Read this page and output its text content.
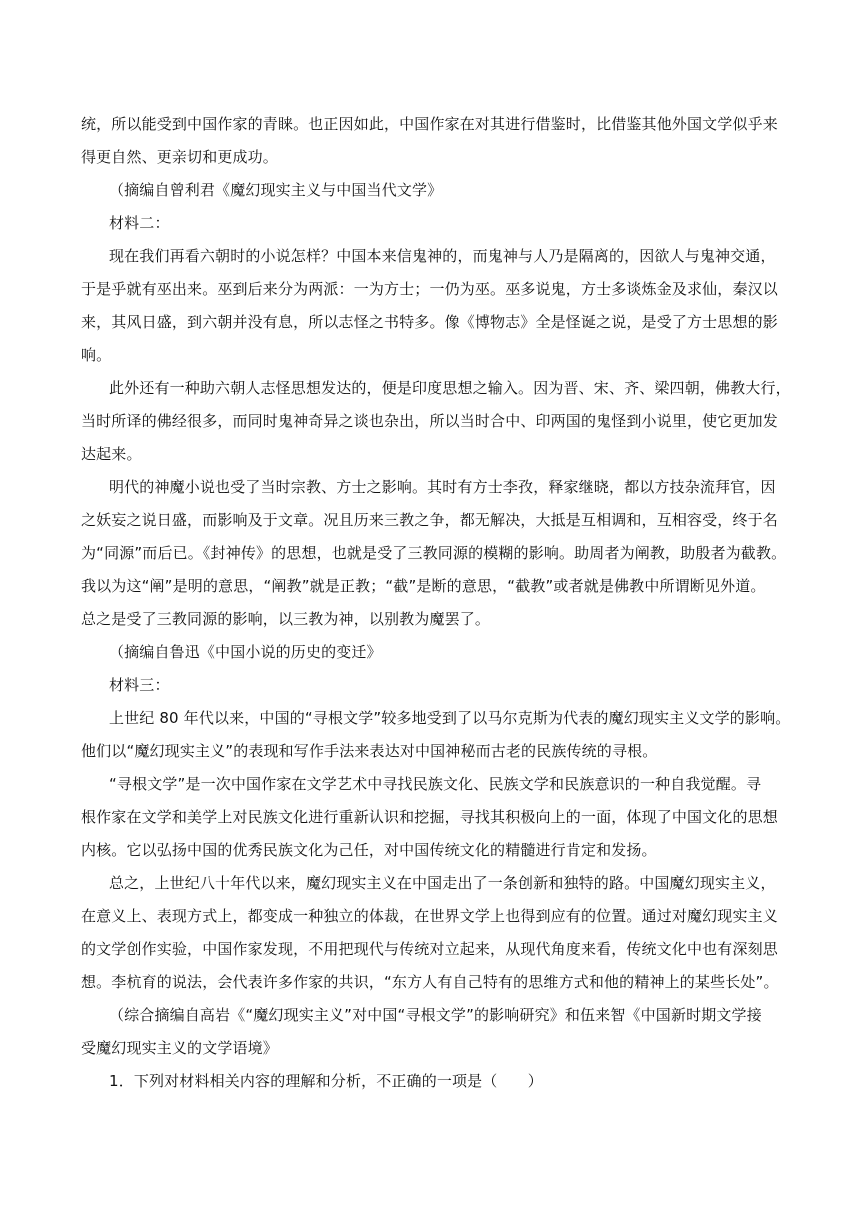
统，所以能受到中国作家的青睐。也正因如此，中国作家在对其进行借鉴时，比借鉴其他外国文学似乎来
得更自然、更亲切和更成功。
（摘编自曾利君《魔幻现实主义与中国当代文学》
材料二：
现在我们再看六朝时的小说怎样？中国本来信鬼神的，而鬼神与人乃是隔离的，因欲人与鬼神交通，
于是乎就有巫出来。巫到后来分为两派：一为方士；一仍为巫。巫多说鬼，方士多谈炼金及求仙，秦汉以
来，其风日盛，到六朝并没有息，所以志怪之书特多。像《博物志》全是怪诞之说，是受了方士思想的影
响。
此外还有一种助六朝人志怪思想发达的，便是印度思想之输入。因为晋、宋、齐、梁四朝，佛教大行，
当时所译的佛经很多，而同时鬼神奇异之谈也杂出，所以当时合中、印两国的鬼怪到小说里，使它更加发
达起来。
明代的神魔小说也受了当时宗教、方士之影响。其时有方士李孜，释家继晓，都以方技杂流拜官，因
之妖妄之说日盛，而影响及于文章。况且历来三教之争，都无解决，大抵是互相调和，互相容受，终于名
为“同源”而后已。《封神传》的思想，也就是受了三教同源的模糊的影响。助周者为阐教，助殷者为截教。
我以为这“阐”是明的意思，“阐教”就是正教；“截”是断的意思，“截教”或者就是佛教中所谓断见外道。
总之是受了三教同源的影响，以三教为神，以别教为魔罢了。
（摘编自鲁迅《中国小说的历史的变迁》
材料三：
上世纪 80 年代以来，中国的“寻根文学”较多地受到了以马尔克斯为代表的魔幻现实主义文学的影响。
他们以“魔幻现实主义”的表现和写作手法来表达对中国神秘而古老的民族传统的寻根。
“寻根文学”是一次中国作家在文学艺术中寻找民族文化、民族文学和民族意识的一种自我觉醒。寻
根作家在文学和美学上对民族文化进行重新认识和挖掘，寻找其积极向上的一面，体现了中国文化的思想
内核。它以弘扬中国的优秀民族文化为己任，对中国传统文化的精髓进行肯定和发扬。
总之，上世纪八十年代以来，魔幻现实主义在中国走出了一条创新和独特的路。中国魔幻现实主义，
在意义上、表现方式上，都变成一种独立的体裁，在世界文学上也得到应有的位置。通过对魔幻现实主义
的文学创作实验，中国作家发现，不用把现代与传统对立起来，从现代角度来看，传统文化中也有深刻思
想。李杭育的说法，会代表许多作家的共识，“东方人有自己特有的思维方式和他的精神上的某些长处”。
（综合摘编自高岩《“魔幻现实主义”对中国“寻根文学”的影响研究》和伍来智《中国新时期文学接
受魔幻现实主义的文学语境》
1．下列对材料相关内容的理解和分析，不正确的一项是（　　）
